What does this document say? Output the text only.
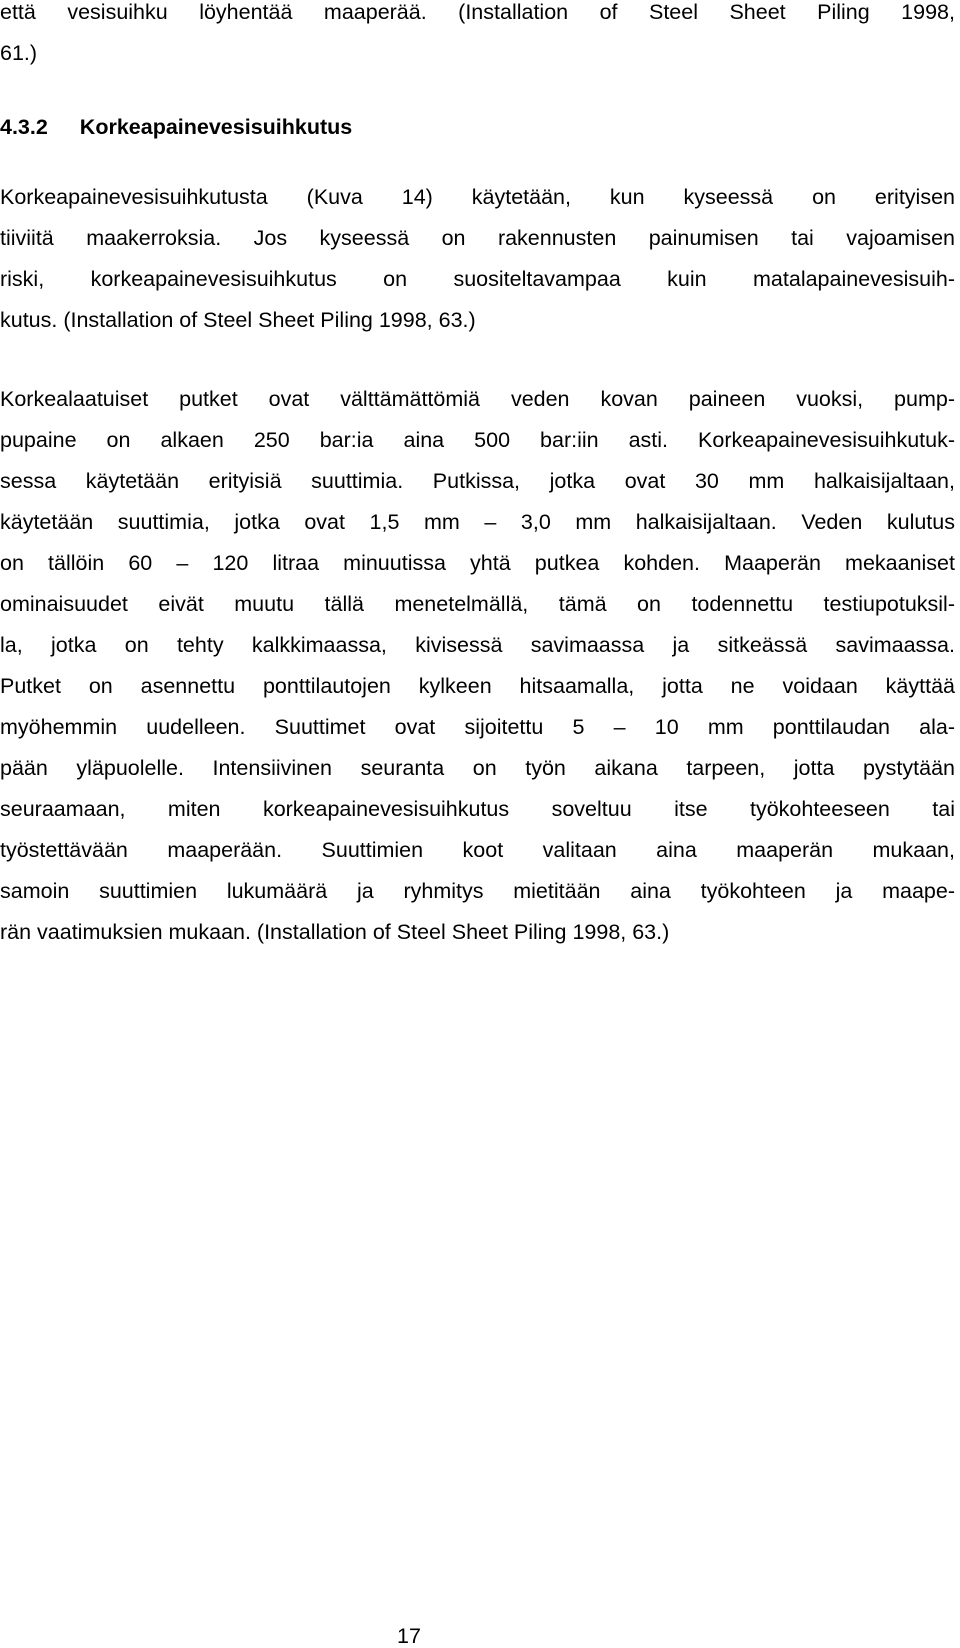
että vesisuihku löyhentää maaperää. (Installation of Steel Sheet Piling 1998,

61.)

4.3.2 Korkeapainevesisuihkutus

Korkeapainevesisuihkutusta (Kuva 14) käytetään, kun kyseessä on erityisen

tiiviitä maakerroksia. Jos kyseessä on rakennusten painumisen tai vajoamisen

riski, korkeapainevesisuihkutus on suositeltavampaa kuin matalapainevesisuih-

kutus. (Installation of Steel Sheet Piling 1998, 63.)

Korkealaatuiset putket ovat välttämättömiä veden kovan paineen vuoksi, pump-

pupaine on alkaen 250 bar:ia aina 500 bar:iin asti. Korkeapainevesisuihkutuk-

sessa käytetään erityisiä suuttimia. Putkissa, jotka ovat 30 mm halkaisijaltaan,

käytetään suuttimia, jotka ovat 1,5 mm – 3,0 mm halkaisijaltaan. Veden kulutus

on tällöin 60 – 120 litraa minuutissa yhtä putkea kohden. Maaperän mekaaniset

ominaisuudet eivät muutu tällä menetelmällä, tämä on todennettu testiupotuksil-

la, jotka on tehty kalkkimaassa, kivisessä savimaassa ja sitkeässä savimaassa.

Putket on asennettu ponttilautojen kylkeen hitsaamalla, jotta ne voidaan käyttää

myöhemmin uudelleen. Suuttimet ovat sijoitettu 5 – 10 mm ponttilaudan ala-

pään yläpuolelle. Intensiivinen seuranta on työn aikana tarpeen, jotta pystytään

seuraamaan, miten korkeapainevesisuihkutus soveltuu itse työkohteeseen tai

työstettävään maaperään. Suuttimien koot valitaan aina maaperän mukaan,

samoin suuttimien lukumäärä ja ryhmitys mietitään aina työkohteen ja maape-

rän vaatimuksien mukaan. (Installation of Steel Sheet Piling 1998, 63.)

17
